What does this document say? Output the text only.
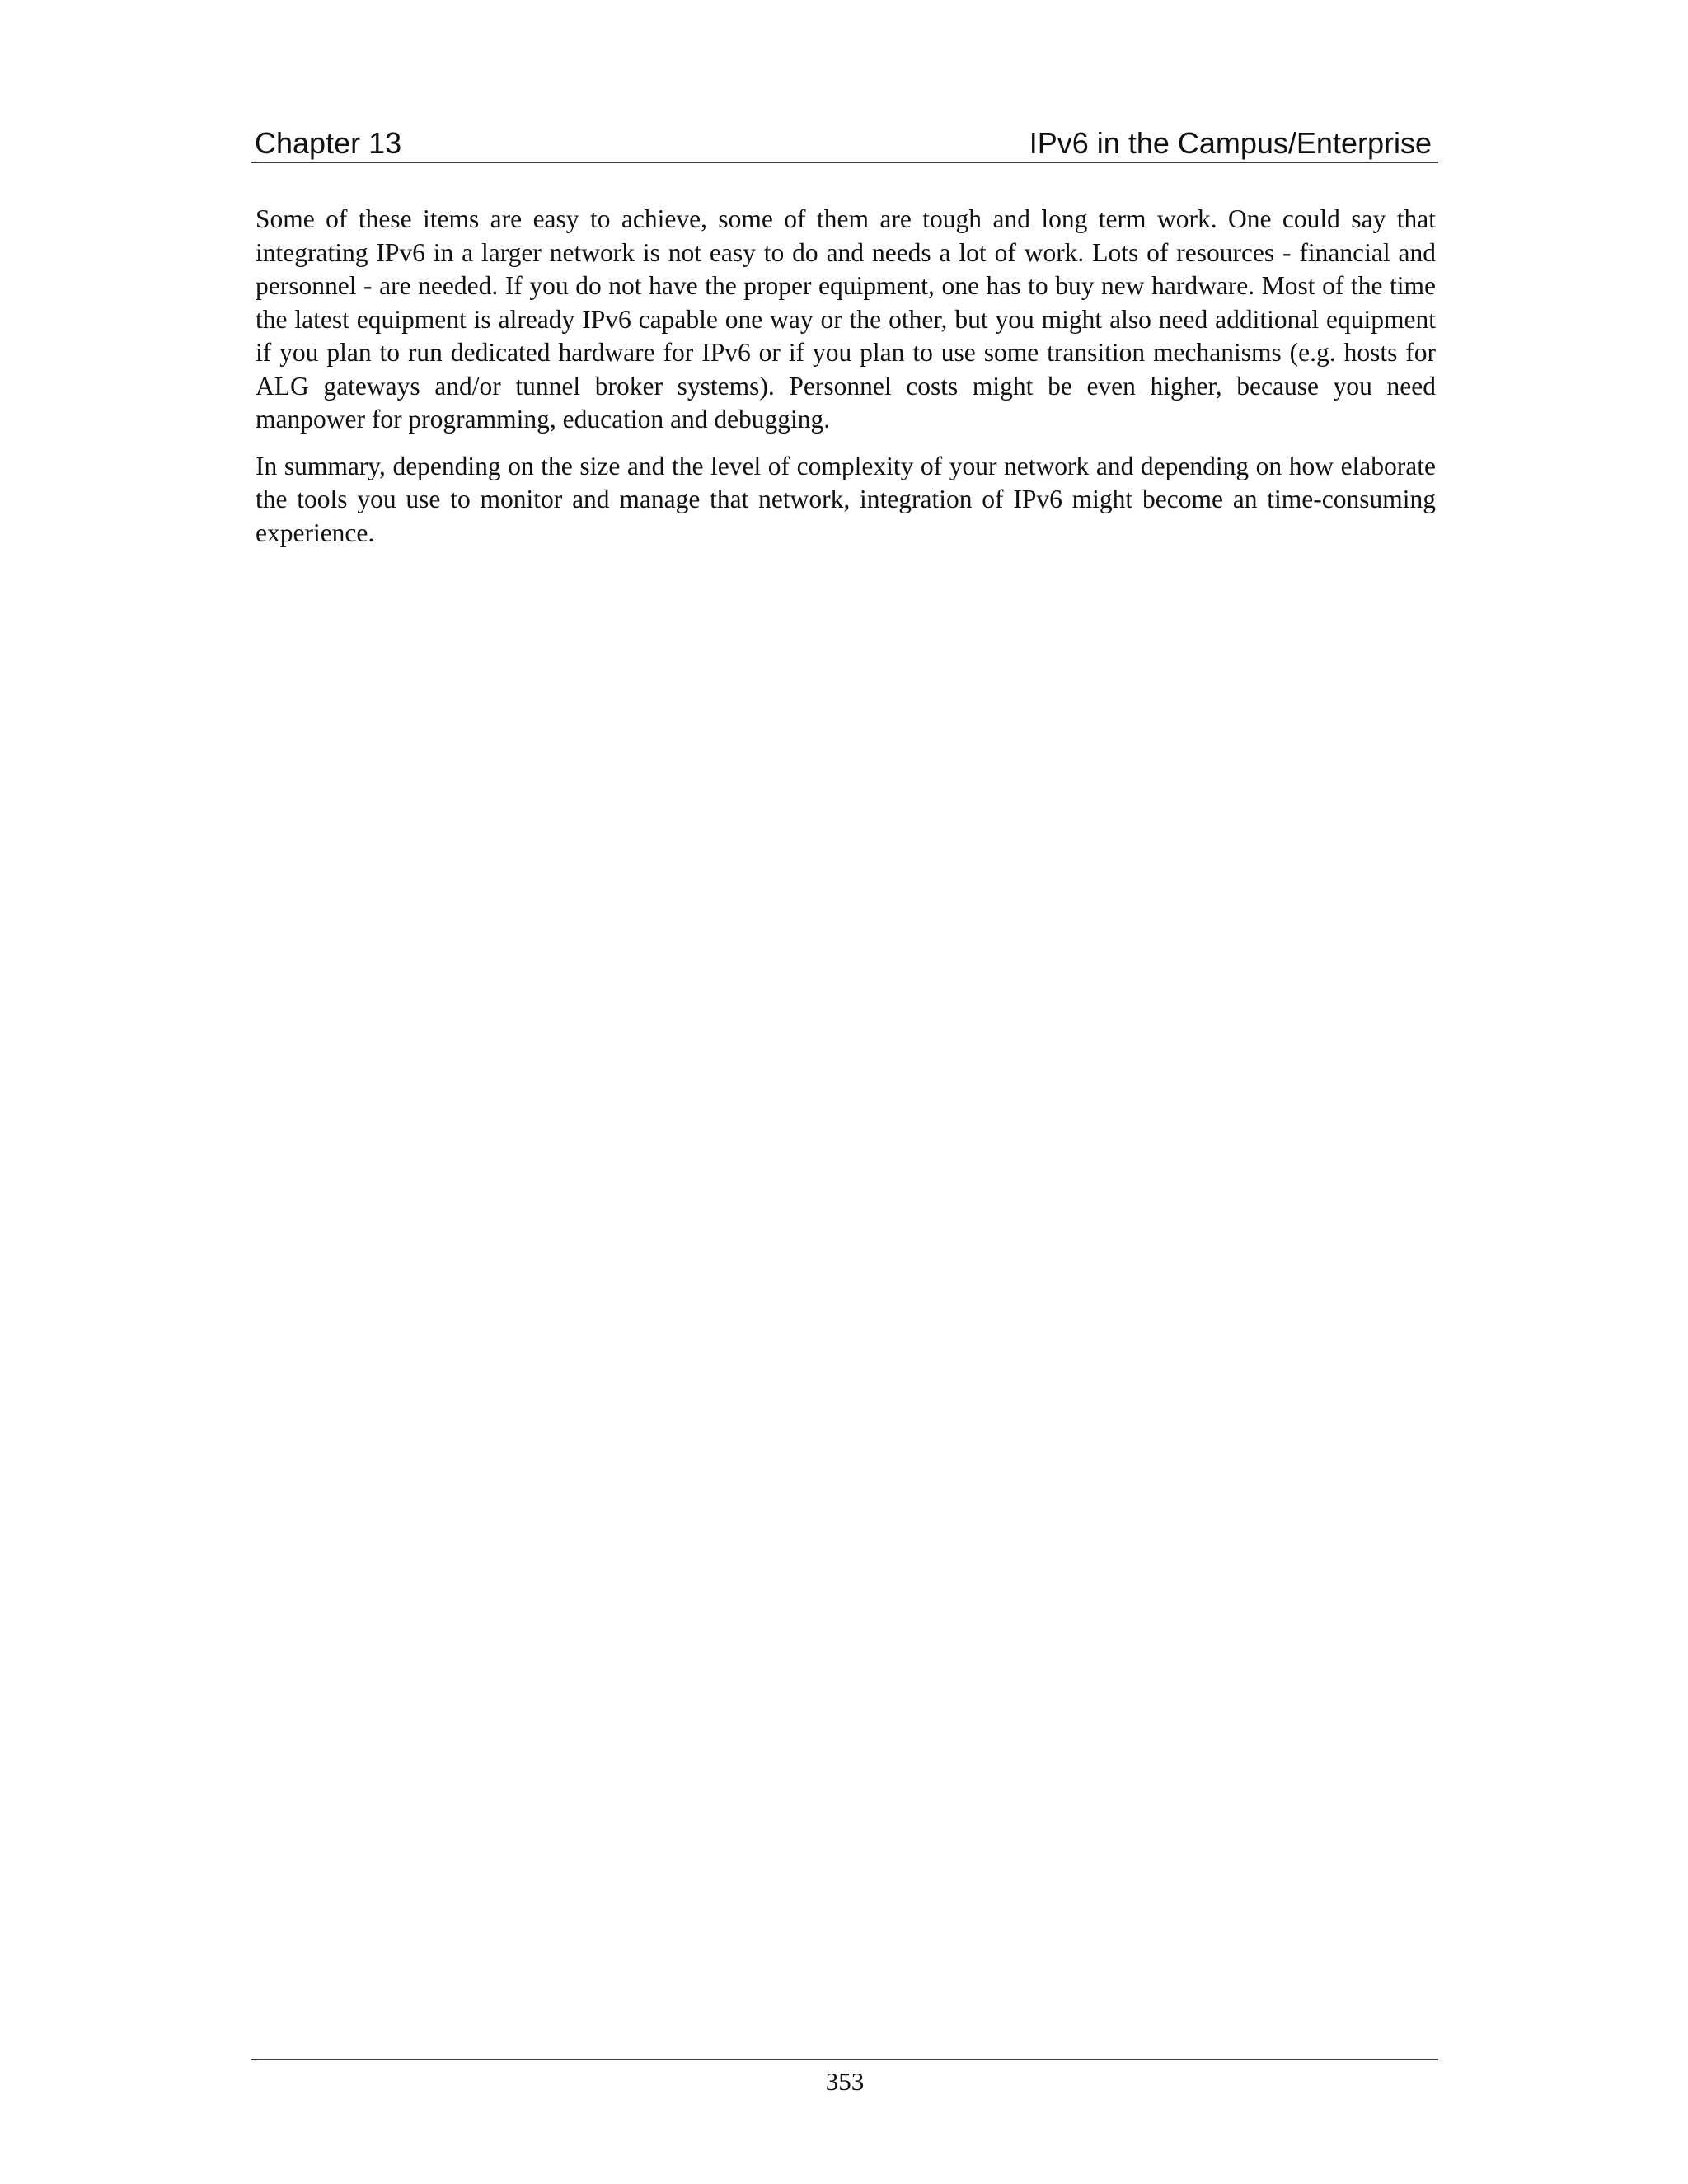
Chapter 13	IPv6 in the Campus/Enterprise

Some of these items are easy to achieve, some of them are tough and long term work. One could say that integrating IPv6 in a larger network is not easy to do and needs a lot of work. Lots of resources - financial and personnel - are needed. If you do not have the proper equipment, one has to buy new hardware. Most of the time the latest equipment is already IPv6 capable one way or the other, but you might also need additional equipment if you plan to run dedicated hardware for IPv6 or if you plan to use some transition mechanisms (e.g. hosts for ALG gateways and/or tunnel broker systems). Personnel costs might be even higher, because you need manpower for programming, education and debugging.

In summary, depending on the size and the level of complexity of your network and depending on how elaborate the tools you use to monitor and manage that network, integration of IPv6 might become an time-consuming experience.

353
